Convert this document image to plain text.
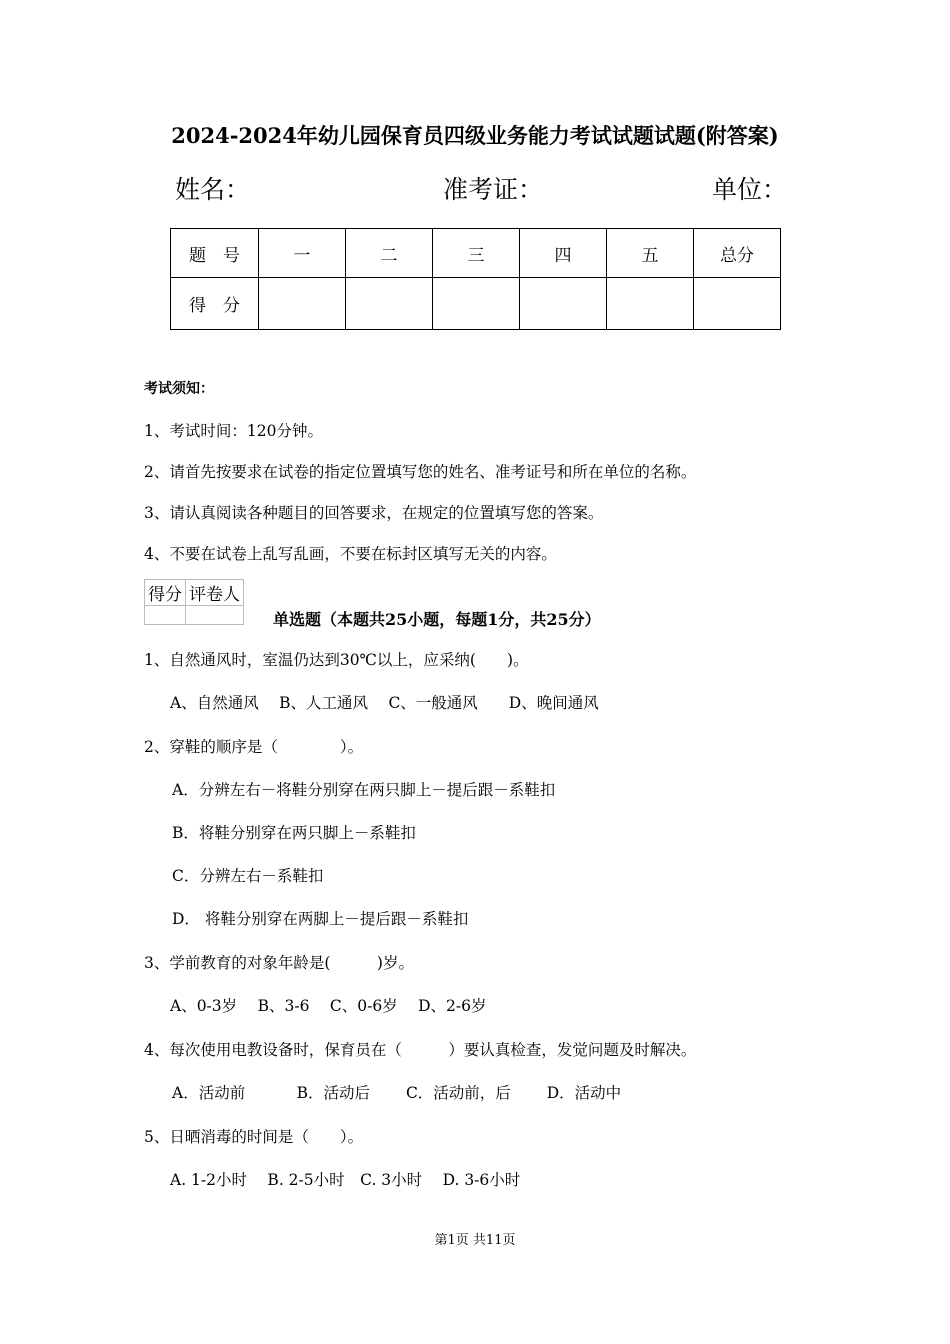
2024-2024年幼儿园保育员四级业务能力考试试题试题(附答案)
姓名：	准考证：	单位：
题　号	一	二	三	四	五	总分
得　分						
考试须知：
1、考试时间：120分钟。
2、请首先按要求在试卷的指定位置填写您的姓名、准考证号和所在单位的名称。
3、请认真阅读各种题目的回答要求，在规定的位置填写您的答案。
4、不要在试卷上乱写乱画，不要在标封区填写无关的内容。
得分	评卷人

单选题（本题共25小题，每题1分，共25分）
1、自然通风时，室温仍达到30℃以上，应采纳(　　)。
A、自然通风　 B、人工通风　 C、一般通风　　D、晚间通风
2、穿鞋的顺序是（　　　　）。
A．分辨左右－将鞋分别穿在两只脚上－提后跟－系鞋扣
B．将鞋分别穿在两只脚上－系鞋扣
C．分辨左右－系鞋扣
D． 将鞋分别穿在两脚上－提后跟－系鞋扣
3、学前教育的对象年龄是(　　　)岁。
A、0-3岁　 B、3-6　 C、0-6岁　 D、2-6岁
4、每次使用电教设备时，保育员在（　　　）要认真检查，发觉问题及时解决。
A．活动前　　　 B．活动后　　 C．活动前，后　　 D．活动中
5、日晒消毒的时间是（　　）。
A. 1-2小时　 B. 2-5小时　C. 3小时　 D. 3-6小时
第1页 共11页
